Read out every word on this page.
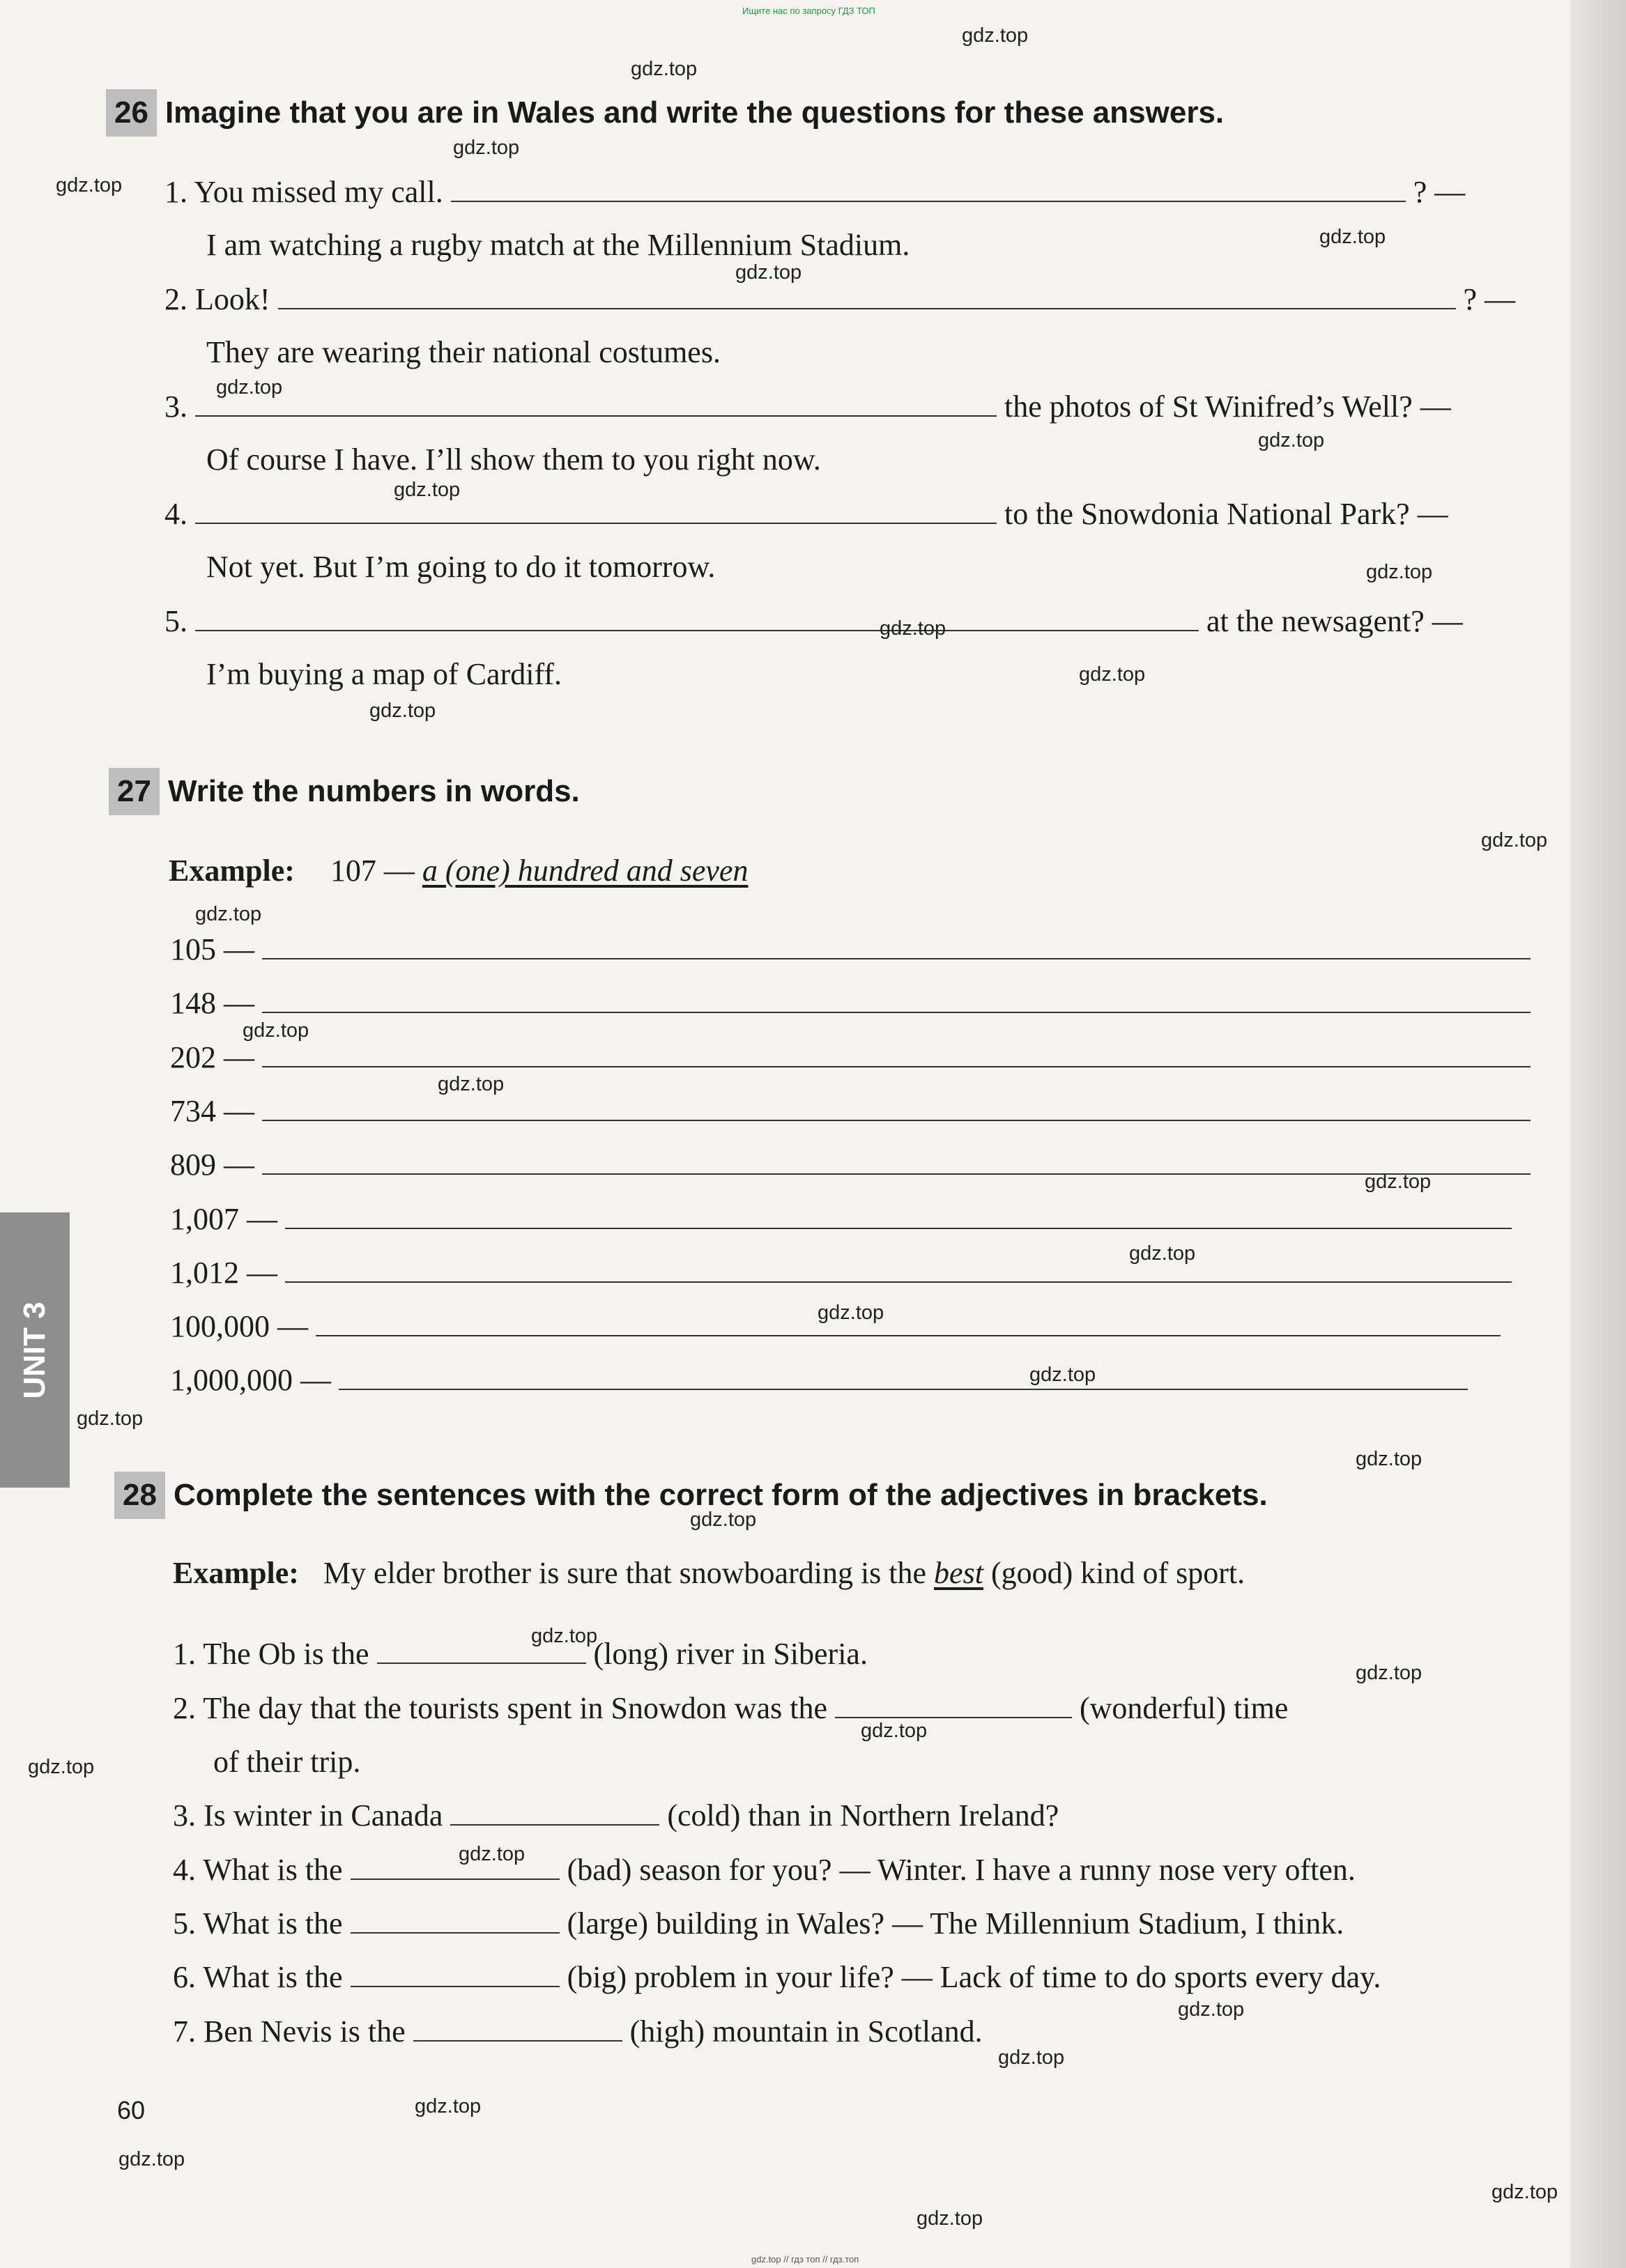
Ищите нас по запросу ГДЗ ТОП
26 Imagine that you are in Wales and write the questions for these answers.
1. You missed my call.	? —
I am watching a rugby match at the Millennium Stadium.
2. Look!	? —
They are wearing their national costumes.
3.	the photos of St Winifred’s Well? —
Of course I have. I’ll show them to you right now.
4.	to the Snowdonia National Park? —
Not yet. But I’m going to do it tomorrow.
5.	at the newsagent? —
I’m buying a map of Cardiff.
27 Write the numbers in words.
Example: 107 — a (one) hundred and seven
105 —
148 —
202 —
734 —
809 —
1,007 —
1,012 —
100,000 —
1,000,000 —
28 Complete the sentences with the correct form of the adjectives in brackets.
Example: My elder brother is sure that snowboarding is the best (good) kind of sport.
1. The Ob is the	(long) river in Siberia.
2. The day that the tourists spent in Snowdon was the	(wonderful) time
of their trip.
3. Is winter in Canada	(cold) than in Northern Ireland?
4. What is the	(bad) season for you? — Winter. I have a runny nose very often.
5. What is the	(large) building in Wales? — The Millennium Stadium, I think.
6. What is the	(big) problem in your life? — Lack of time to do sports every day.
7. Ben Nevis is the	(high) mountain in Scotland.
UNIT 3
60
gdz.top
gdz.top
gdz.top
gdz.top
gdz.top
gdz.top
gdz.top
gdz.top
gdz.top
gdz.top
gdz.top
gdz.top
gdz.top
gdz.top
gdz.top
gdz.top
gdz.top
gdz.top
gdz.top
gdz.top
gdz.top
gdz.top
gdz.top
gdz.top
gdz.top
gdz.top
gdz.top
gdz.top
gdz.top
gdz.top
gdz.top
gdz.top
gdz.top
gdz.top
gdz.top
gdz.top // гдз топ // гдз.топ
